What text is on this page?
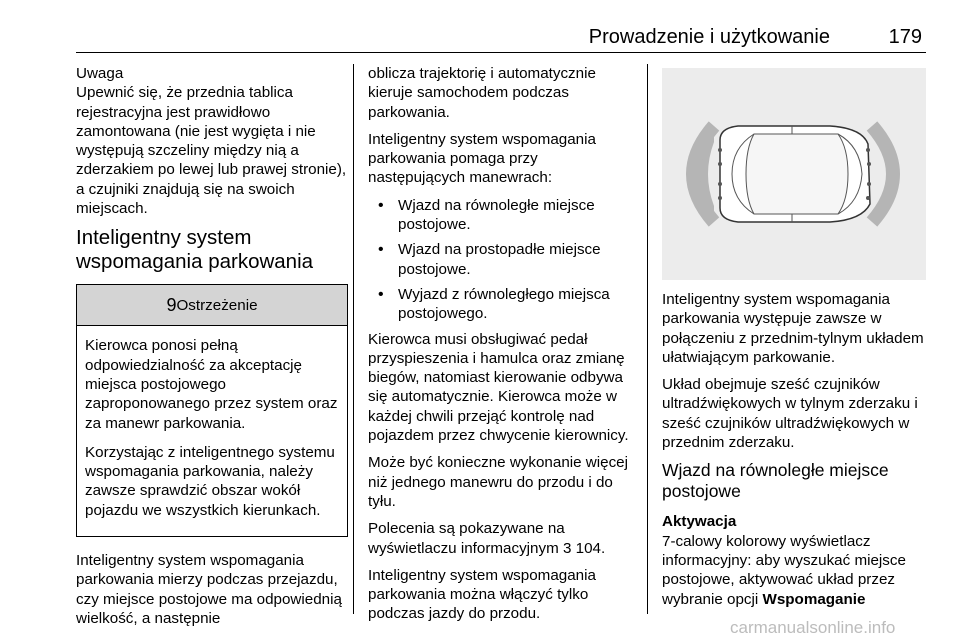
Prowadzenie i użytkowanie	179

Uwaga

Upewnić się, że przednia tablica rejestracyjna jest prawidłowo zamontowana (nie jest wygięta i nie występują szczeliny między nią a zderzakiem po lewej lub prawej stronie), a czujniki znajdują się na swoich miejscach.

Inteligentny system wspomagania parkowania
9Ostrzeżenie

Kierowca ponosi pełną odpowiedzialność za akceptację miejsca postojowego zaproponowanego przez system oraz za manewr parkowania.

Korzystając z inteligentnego systemu wspomagania parkowania, należy zawsze sprawdzić obszar wokół pojazdu we wszystkich kierunkach.

Inteligentny system wspomagania parkowania mierzy podczas przejazdu, czy miejsce postojowe ma odpowiednią wielkość, a następnie

oblicza trajektorię i automatycznie kieruje samochodem podczas parkowania.

Inteligentny system wspomagania parkowania pomaga przy następujących manewrach:

• Wjazd na równoległe miejsce postojowe.
• Wjazd na prostopadłe miejsce postojowe.
• Wyjazd z równoległego miejsca postojowego.

Kierowca musi obsługiwać pedał przyspieszenia i hamulca oraz zmianę biegów, natomiast kierowanie odbywa się automatycznie. Kierowca może w każdej chwili przejąć kontrolę nad pojazdem przez chwycenie kierownicy.

Może być konieczne wykonanie więcej niż jednego manewru do przodu i do tyłu.

Polecenia są pokazywane na wyświetlaczu informacyjnym 3 104.

Inteligentny system wspomagania parkowania można włączyć tylko podczas jazdy do przodu.

Inteligentny system wspomagania parkowania występuje zawsze w połączeniu z przednim-tylnym układem ułatwiającym parkowanie.

Układ obejmuje sześć czujników ultradźwiękowych w tylnym zderzaku i sześć czujników ultradźwiękowych w przednim zderzaku.

Wjazd na równoległe miejsce postojowe

Aktywacja

7-calowy kolorowy wyświetlacz informacyjny: aby wyszukać miejsce postojowe, aktywować układ przez wybranie opcji Wspomaganie

carmanualsonline.info
